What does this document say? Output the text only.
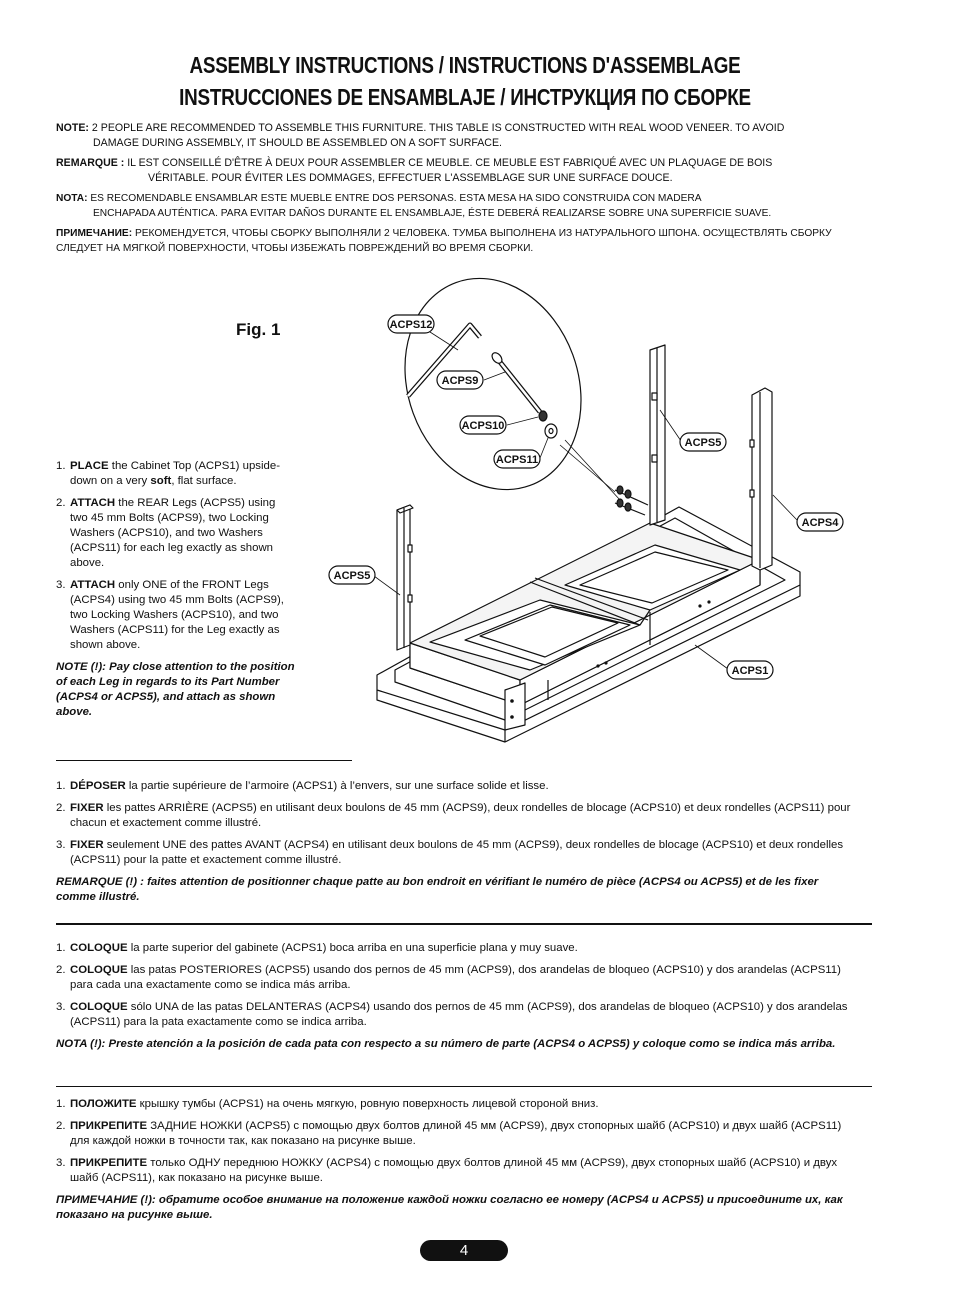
ASSEMBLY INSTRUCTIONS / INSTRUCTIONS D'ASSEMBLAGE
INSTRUCCIONES DE ENSAMBLAJE / ИНСТРУКЦИЯ ПО СБОРКЕ
NOTE: 2 PEOPLE ARE RECOMMENDED TO ASSEMBLE THIS FURNITURE. THIS TABLE IS CONSTRUCTED WITH REAL WOOD VENEER. TO AVOID
DAMAGE DURING ASSEMBLY, IT SHOULD BE ASSEMBLED ON A SOFT SURFACE.
REMARQUE : IL EST CONSEILLÉ D'ÊTRE À DEUX POUR ASSEMBLER CE MEUBLE. CE MEUBLE EST FABRIQUÉ AVEC UN PLAQUAGE DE BOIS
VÉRITABLE. POUR ÉVITER LES DOMMAGES, EFFECTUER L'ASSEMBLAGE SUR UNE SURFACE DOUCE.
NOTA: ES RECOMENDABLE ENSAMBLAR ESTE MUEBLE ENTRE DOS PERSONAS. ESTA MESA HA SIDO CONSTRUIDA CON MADERA
ENCHAPADA AUTÉNTICA. PARA EVITAR DAÑOS DURANTE EL ENSAMBLAJE, ÉSTE DEBERÁ REALIZARSE SOBRE UNA SUPERFICIE SUAVE.
ПРИМЕЧАНИЕ: РЕКОМЕНДУЕТСЯ, ЧТОБЫ СБОРКУ ВЫПОЛНЯЛИ 2 ЧЕЛОВЕКА. ТУМБА ВЫПОЛНЕНА ИЗ НАТУРАЛЬНОГО ШПОНА. ОСУЩЕСТВЛЯТЬ СБОРКУ
СЛЕДУЕТ НА МЯГКОЙ ПОВЕРХНОСТИ, ЧТОБЫ ИЗБЕЖАТЬ ПОВРЕЖДЕНИЙ ВО ВРЕМЯ СБОРКИ.
Fig. 1	ACPS12
ACPS9
ACPS10
ACPS11
ACPS5
ACPS4
ACPS5
ACPS1
1. PLACE the Cabinet Top (ACPS1) upside-down on a very soft, flat surface.
2. ATTACH the REAR Legs (ACPS5) using two 45 mm Bolts (ACPS9), two Locking Washers (ACPS10), and two Washers (ACPS11) for each leg exactly as shown above.
3. ATTACH only ONE of the FRONT Legs (ACPS4) using two 45 mm Bolts (ACPS9), two Locking Washers (ACPS10), and two Washers (ACPS11) for the Leg exactly as shown above.
NOTE (!): Pay close attention to the position of each Leg in regards to its Part Number (ACPS4 or ACPS5), and attach as shown above.
1. DÉPOSER la partie supérieure de l’armoire (ACPS1) à l’envers, sur une surface solide et lisse.
2. FIXER les pattes ARRIÈRE (ACPS5) en utilisant deux boulons de 45 mm (ACPS9), deux rondelles de blocage (ACPS10) et deux rondelles (ACPS11) pour chacun et exactement comme illustré.
3. FIXER seulement UNE des pattes AVANT (ACPS4) en utilisant deux boulons de 45 mm (ACPS9), deux rondelles de blocage (ACPS10) et deux rondelles (ACPS11) pour la patte et exactement comme illustré.
REMARQUE (!) : faites attention de positionner chaque patte au bon endroit en vérifiant le numéro de pièce (ACPS4 ou ACPS5) et de les fixer comme illustré.
1. COLOQUE la parte superior del gabinete (ACPS1) boca arriba en una superficie plana y muy suave.
2. COLOQUE las patas POSTERIORES (ACPS5) usando dos pernos de 45 mm (ACPS9), dos arandelas de bloqueo (ACPS10) y dos arandelas (ACPS11) para cada una exactamente como se indica más arriba.
3. COLOQUE sólo UNA de las patas DELANTERAS (ACPS4) usando dos pernos de 45 mm (ACPS9), dos arandelas de bloqueo (ACPS10) y dos arandelas (ACPS11) para la pata exactamente como se indica arriba.
NOTA (!): Preste atención a la posición de cada pata con respecto a su número de parte (ACPS4 o ACPS5) y coloque como se indica más arriba.
1. ПОЛОЖИТЕ крышку тумбы (ACPS1) на очень мягкую, ровную поверхность лицевой стороной вниз.
2. ПРИКРЕПИТЕ ЗАДНИЕ НОЖКИ (ACPS5) с помощью двух болтов длиной 45 мм (ACPS9), двух стопорных шайб (ACPS10) и двух шайб (ACPS11) для каждой ножки в точности так, как показано на рисунке выше.
3. ПРИКРЕПИТЕ только ОДНУ переднюю НОЖКУ (ACPS4) с помощью двух болтов длиной 45 мм (ACPS9), двух стопорных шайб (ACPS10) и двух шайб (ACPS11), как показано на рисунке выше.
ПРИМЕЧАНИЕ (!): обратите особое внимание на положение каждой ножки согласно ее номеру (ACPS4 и ACPS5) и присоедините их, как показано на рисунке выше.
4
